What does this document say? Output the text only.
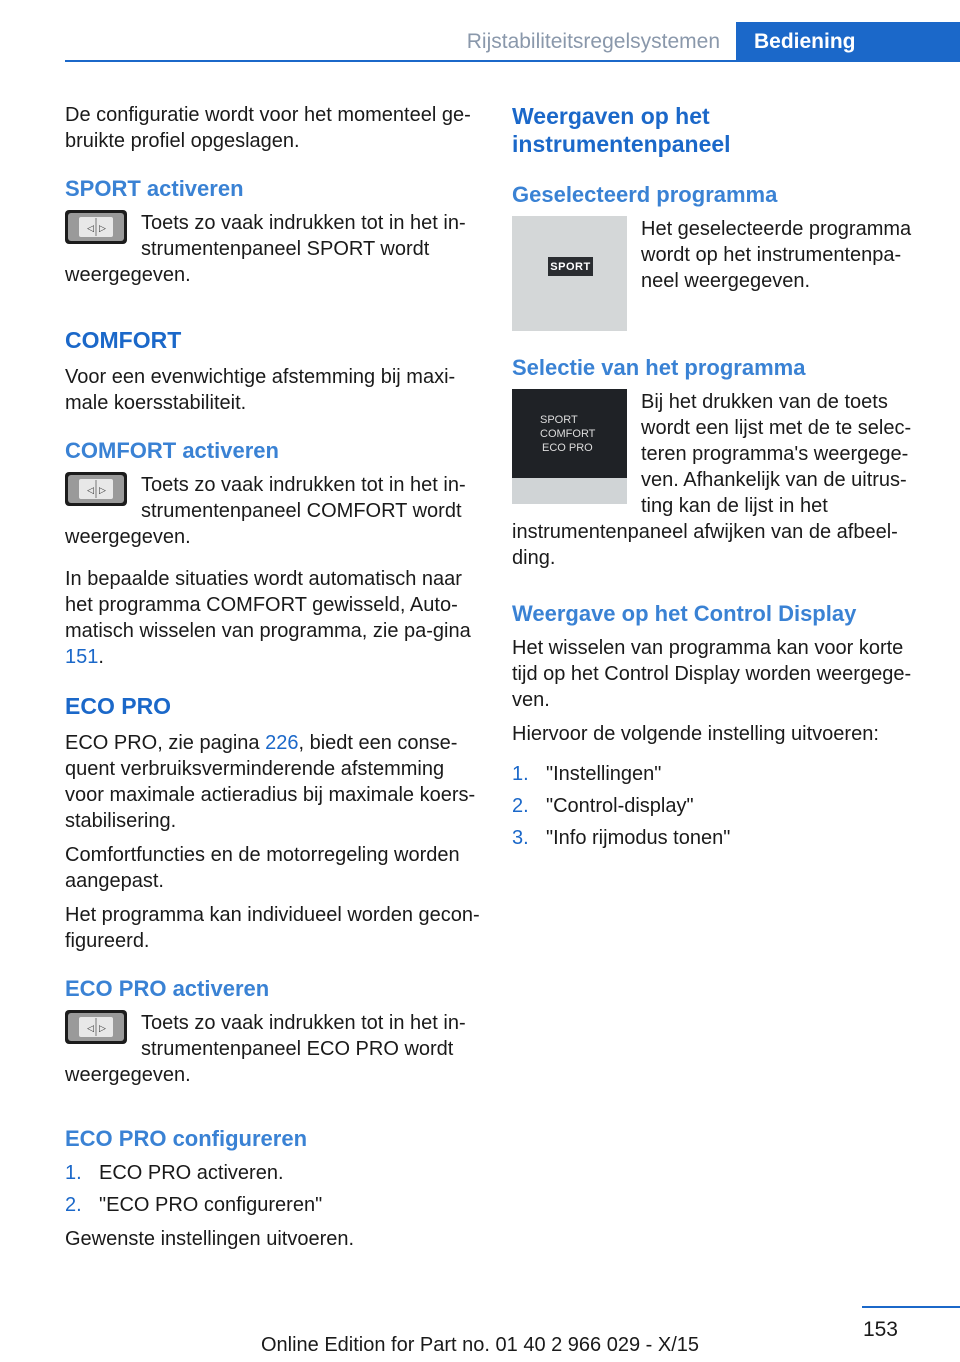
Rijstabiliteitsregelsystemen	Bediening

De configuratie wordt voor het momenteel ge‐bruikte profiel opgeslagen.

SPORT activeren
◁ ▷	Toets zo vaak indrukken tot in het in‐strumentenpaneel SPORT wordt weergegeven.

COMFORT

Voor een evenwichtige afstemming bij maxi‐male koersstabiliteit.

COMFORT activeren
◁ ▷	Toets zo vaak indrukken tot in het in‐strumentenpaneel COMFORT wordt weergegeven.

In bepaalde situaties wordt automatisch naar het programma COMFORT gewisseld, Auto‐matisch wisselen van programma, zie pa‐gina 151.

ECO PRO

ECO PRO, zie pagina 226, biedt een conse‐quent verbruiksverminderende afstemming voor maximale actieradius bij maximale koers‐stabilisering.

Comfortfuncties en de motorregeling worden aangepast.

Het programma kan individueel worden gecon‐figureerd.

ECO PRO activeren
◁ ▷	Toets zo vaak indrukken tot in het in‐strumentenpaneel ECO PRO wordt weergegeven.

ECO PRO configureren
1. ECO PRO activeren.
2. "ECO PRO configureren"

Gewenste instellingen uitvoeren.

Weergaven op het instrumentenpaneel
Geselecteerd programma
SPORT

Het geselecteerde programma wordt op het instrumentenpa‐neel weergegeven.

Selectie van het programma
SPORT
COMFORT
ECO PRO

Bij het drukken van de toets wordt een lijst met de te selec‐teren programma's weergege‐ven. Afhankelijk van de uitrus‐ting kan de lijst in het instrumentenpaneel afwijken van de afbeel‐ding.

Weergave op het Control Display

Het wisselen van programma kan voor korte tijd op het Control Display worden weergege‐ven.

Hiervoor de volgende instelling uitvoeren:

1. "Instellingen"
2. "Control-display"
3. "Info rijmodus tonen"
153
Online Edition for Part no. 01 40 2 966 029 - X/15
